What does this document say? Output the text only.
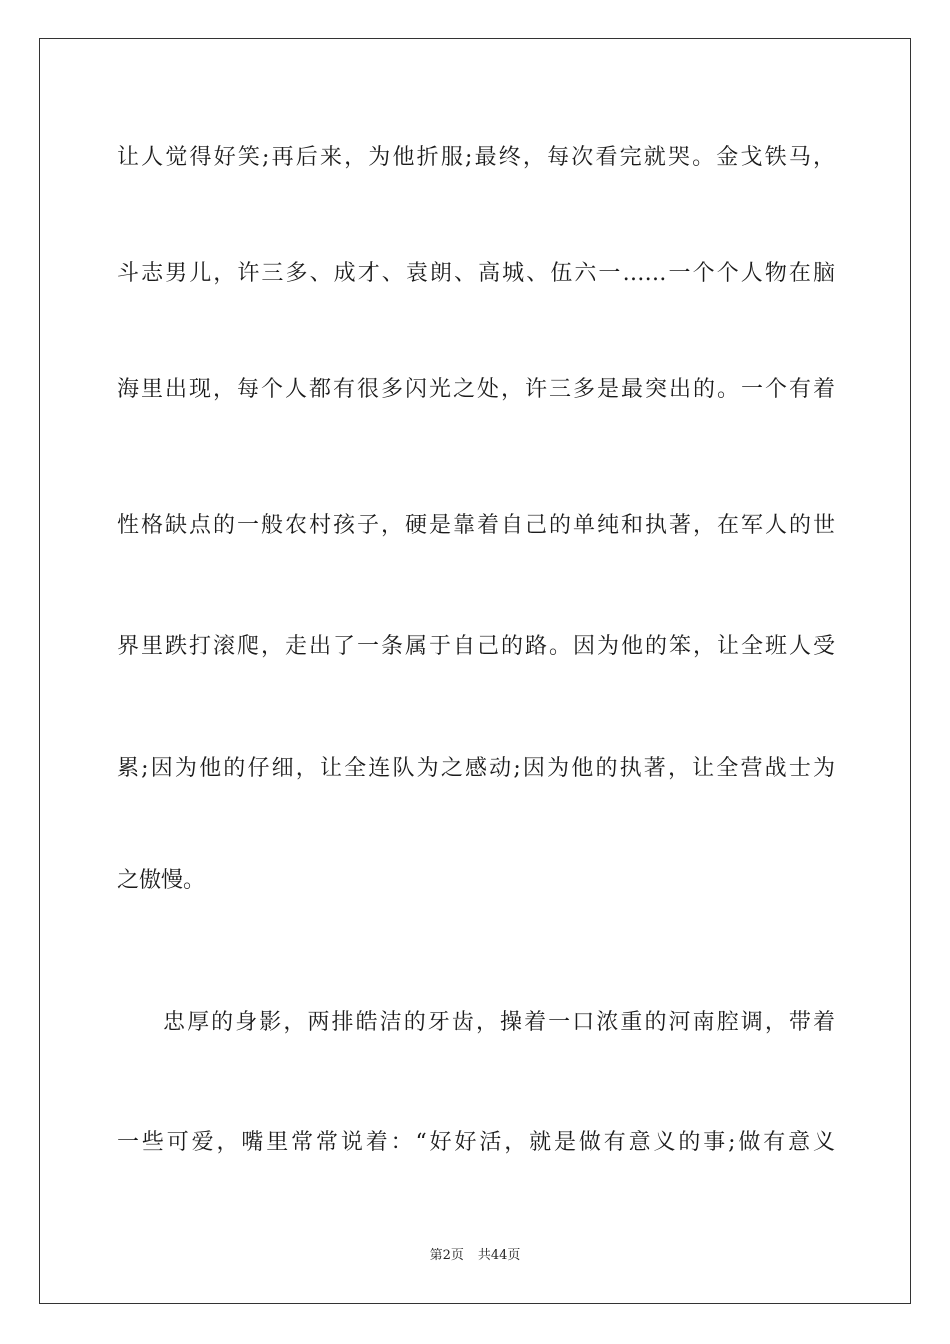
让人觉得好笑;再后来，为他折服;最终，每次看完就哭。金戈铁马，
斗志男儿，许三多、成才、袁朗、高城、伍六一……一个个人物在脑
海里出现，每个人都有很多闪光之处，许三多是最突出的。一个有着
性格缺点的一般农村孩子，硬是靠着自己的单纯和执著，在军人的世
界里跌打滚爬，走出了一条属于自己的路。因为他的笨，让全班人受
累;因为他的仔细，让全连队为之感动;因为他的执著，让全营战士为
之傲慢。
忠厚的身影，两排皓洁的牙齿，操着一口浓重的河南腔调，带着
一些可爱，嘴里常常说着：“好好活，就是做有意义的事;做有意义
第2页 共44页
